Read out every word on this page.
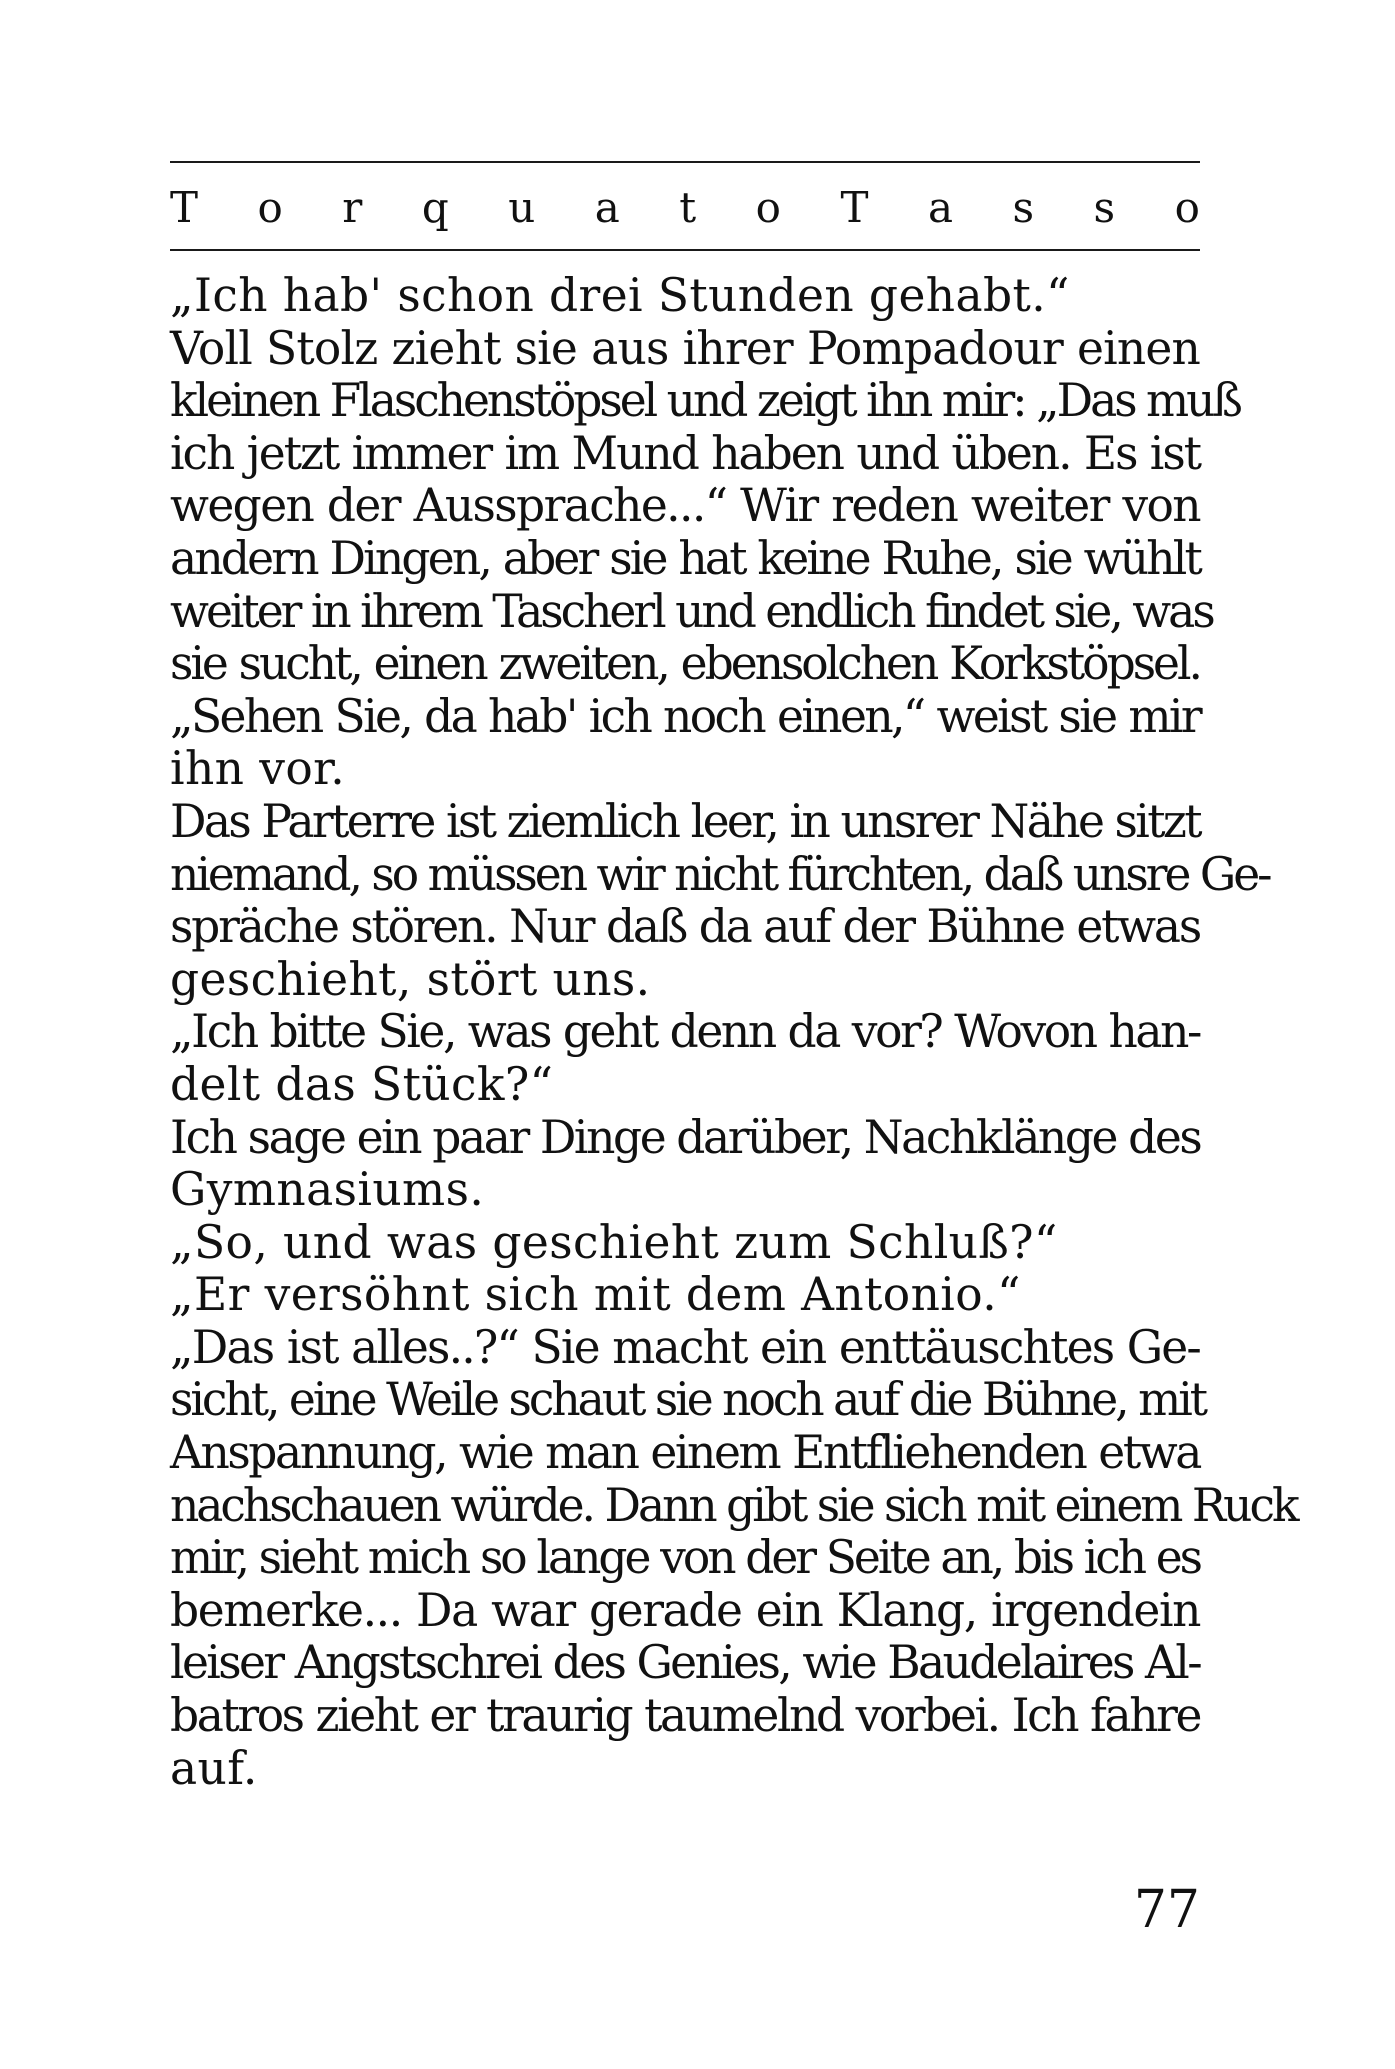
T o r q u a t o T a s s o
„Ich hab' schon drei Stunden gehabt.“
Voll Stolz zieht sie aus ihrer Pompadour einen
kleinen Flaschenstöpsel und zeigt ihn mir: „Das muß
ich jetzt immer im Mund haben und üben. Es ist
wegen der Aussprache...“ Wir reden weiter von
andern Dingen, aber sie hat keine Ruhe, sie wühlt
weiter in ihrem Tascherl und endlich findet sie, was
sie sucht, einen zweiten, ebensolchen Korkstöpsel.
„Sehen Sie, da hab' ich noch einen,“ weist sie mir
ihn vor.
Das Parterre ist ziemlich leer, in unsrer Nähe sitzt
niemand, so müssen wir nicht fürchten, daß unsre Ge-
spräche stören. Nur daß da auf der Bühne etwas
geschieht, stört uns.
„Ich bitte Sie, was geht denn da vor? Wovon han-
delt das Stück?“
Ich sage ein paar Dinge darüber, Nachklänge des
Gymnasiums.
„So, und was geschieht zum Schluß?“
„Er versöhnt sich mit dem Antonio.“
„Das ist alles..?“ Sie macht ein enttäuschtes Ge-
sicht, eine Weile schaut sie noch auf die Bühne, mit
Anspannung, wie man einem Entfliehenden etwa
nachschauen würde. Dann gibt sie sich mit einem Ruck
mir, sieht mich so lange von der Seite an, bis ich es
bemerke... Da war gerade ein Klang, irgendein
leiser Angstschrei des Genies, wie Baudelaires Al-
batros zieht er traurig taumelnd vorbei. Ich fahre
auf.
77
